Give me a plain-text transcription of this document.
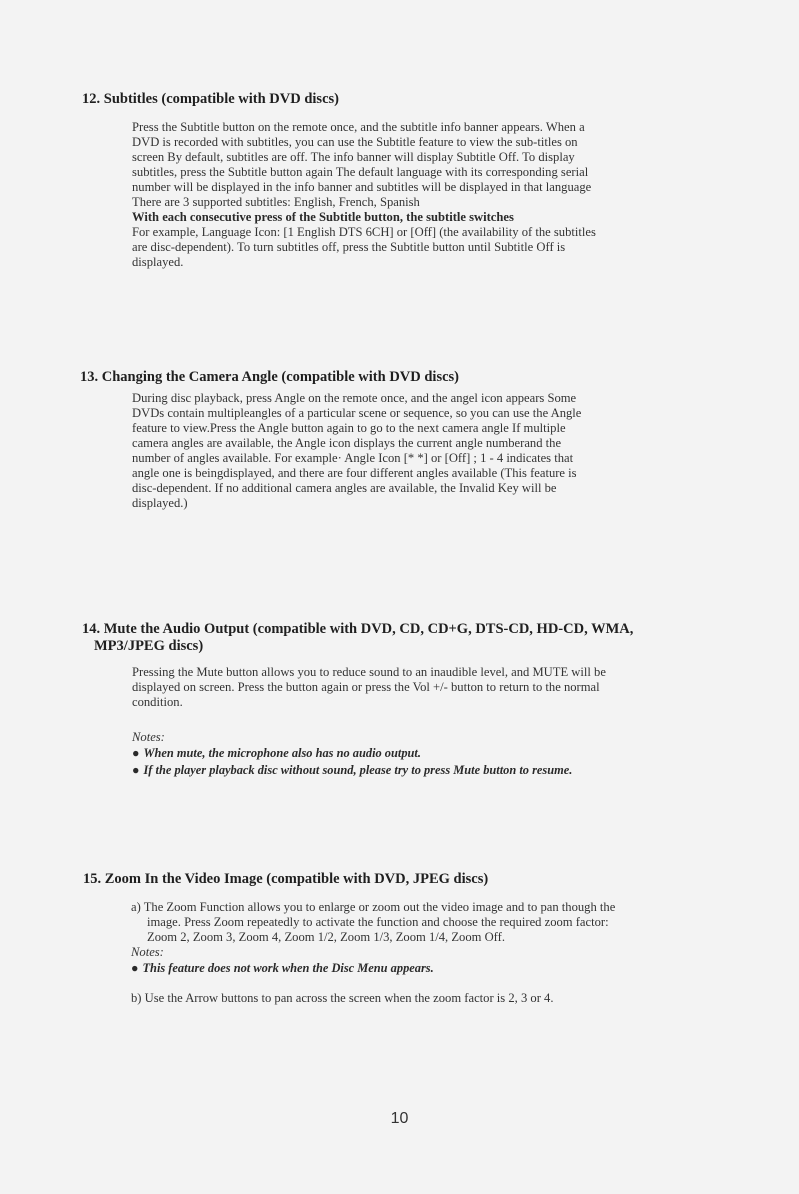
12. Subtitles (compatible with DVD discs)

Press the Subtitle button on the remote once, and the subtitle info banner appears. When a
DVD is recorded with subtitles, you can use the Subtitle feature to view the sub-titles on
screen By default, subtitles are off. The info banner will display Subtitle Off. To display
subtitles, press the Subtitle button again The default language with its corresponding serial
number will be displayed in the info banner and subtitles will be displayed in that language
There are 3 supported subtitles: English, French, Spanish
With each consecutive press of the Subtitle button, the subtitle switches
For example, Language Icon: [1 English DTS 6CH] or [Off] (the availability of the subtitles
are disc-dependent). To turn subtitles off, press the Subtitle button until Subtitle Off is
displayed.

13. Changing the Camera Angle (compatible with DVD discs)

During disc playback, press Angle on the remote once, and the angel icon appears Some
DVDs contain multipleangles of a particular scene or sequence, so you can use the Angle
feature to view.Press the Angle button again to go to the next camera angle If multiple
camera angles are available, the Angle icon displays the current angle numberand the
number of angles available. For example· Angle Icon [* *] or [Off] ; 1 - 4 indicates that
angle one is beingdisplayed, and there are four different angles available (This feature is
disc-dependent. If no additional camera angles are available, the Invalid Key will be
displayed.)

14. Mute the Audio Output (compatible with DVD, CD, CD+G, DTS-CD, HD-CD, WMA,

MP3/JPEG discs)

Pressing the Mute button allows you to reduce sound to an inaudible level, and MUTE will be
displayed on screen. Press the button again or press the Vol +/- button to return to the normal
condition.
Notes:
● When mute, the microphone also has no audio output.
● If the player playback disc without sound, please try to press Mute button to resume.

15. Zoom In the Video Image (compatible with DVD, JPEG discs)

a) The Zoom Function allows you to enlarge or zoom out the video image and to pan though the
image. Press Zoom repeatedly to activate the function and choose the required zoom factor:
Zoom 2, Zoom 3, Zoom 4, Zoom 1/2, Zoom 1/3, Zoom 1/4, Zoom Off.
Notes:
● This feature does not work when the Disc Menu appears.
b) Use the Arrow buttons to pan across the screen when the zoom factor is 2, 3 or 4.
10
